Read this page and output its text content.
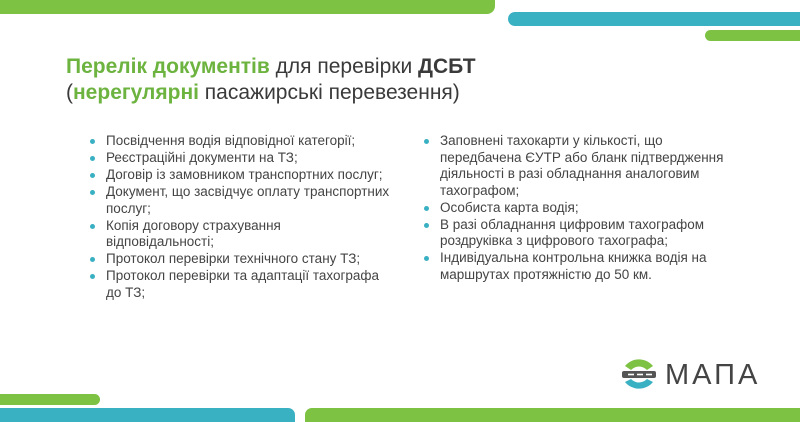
Перелік документів для перевірки ДСБТ
(нерегулярні пасажирські перевезення)
Посвідчення водія відповідної категорії;
Реєстраційні документи на ТЗ;
Договір із замовником транспортних послуг;
Документ, що засвідчує оплату транспортних послуг;
Копія договору страхування відповідальності;
Протокол перевірки технічного стану ТЗ;
Протокол перевірки та адаптації тахографа до ТЗ;
Заповнені тахокарти у кількості, що передбачена ЄУТР або бланк підтвердження діяльності в разі обладнання аналоговим тахографом;
Особиста карта водія;
В разі обладнання цифровим тахографом роздруківка з цифрового тахографа;
Індивідуальна контрольна книжка водія на маршрутах протяжністю до 50 км.
МАПА
